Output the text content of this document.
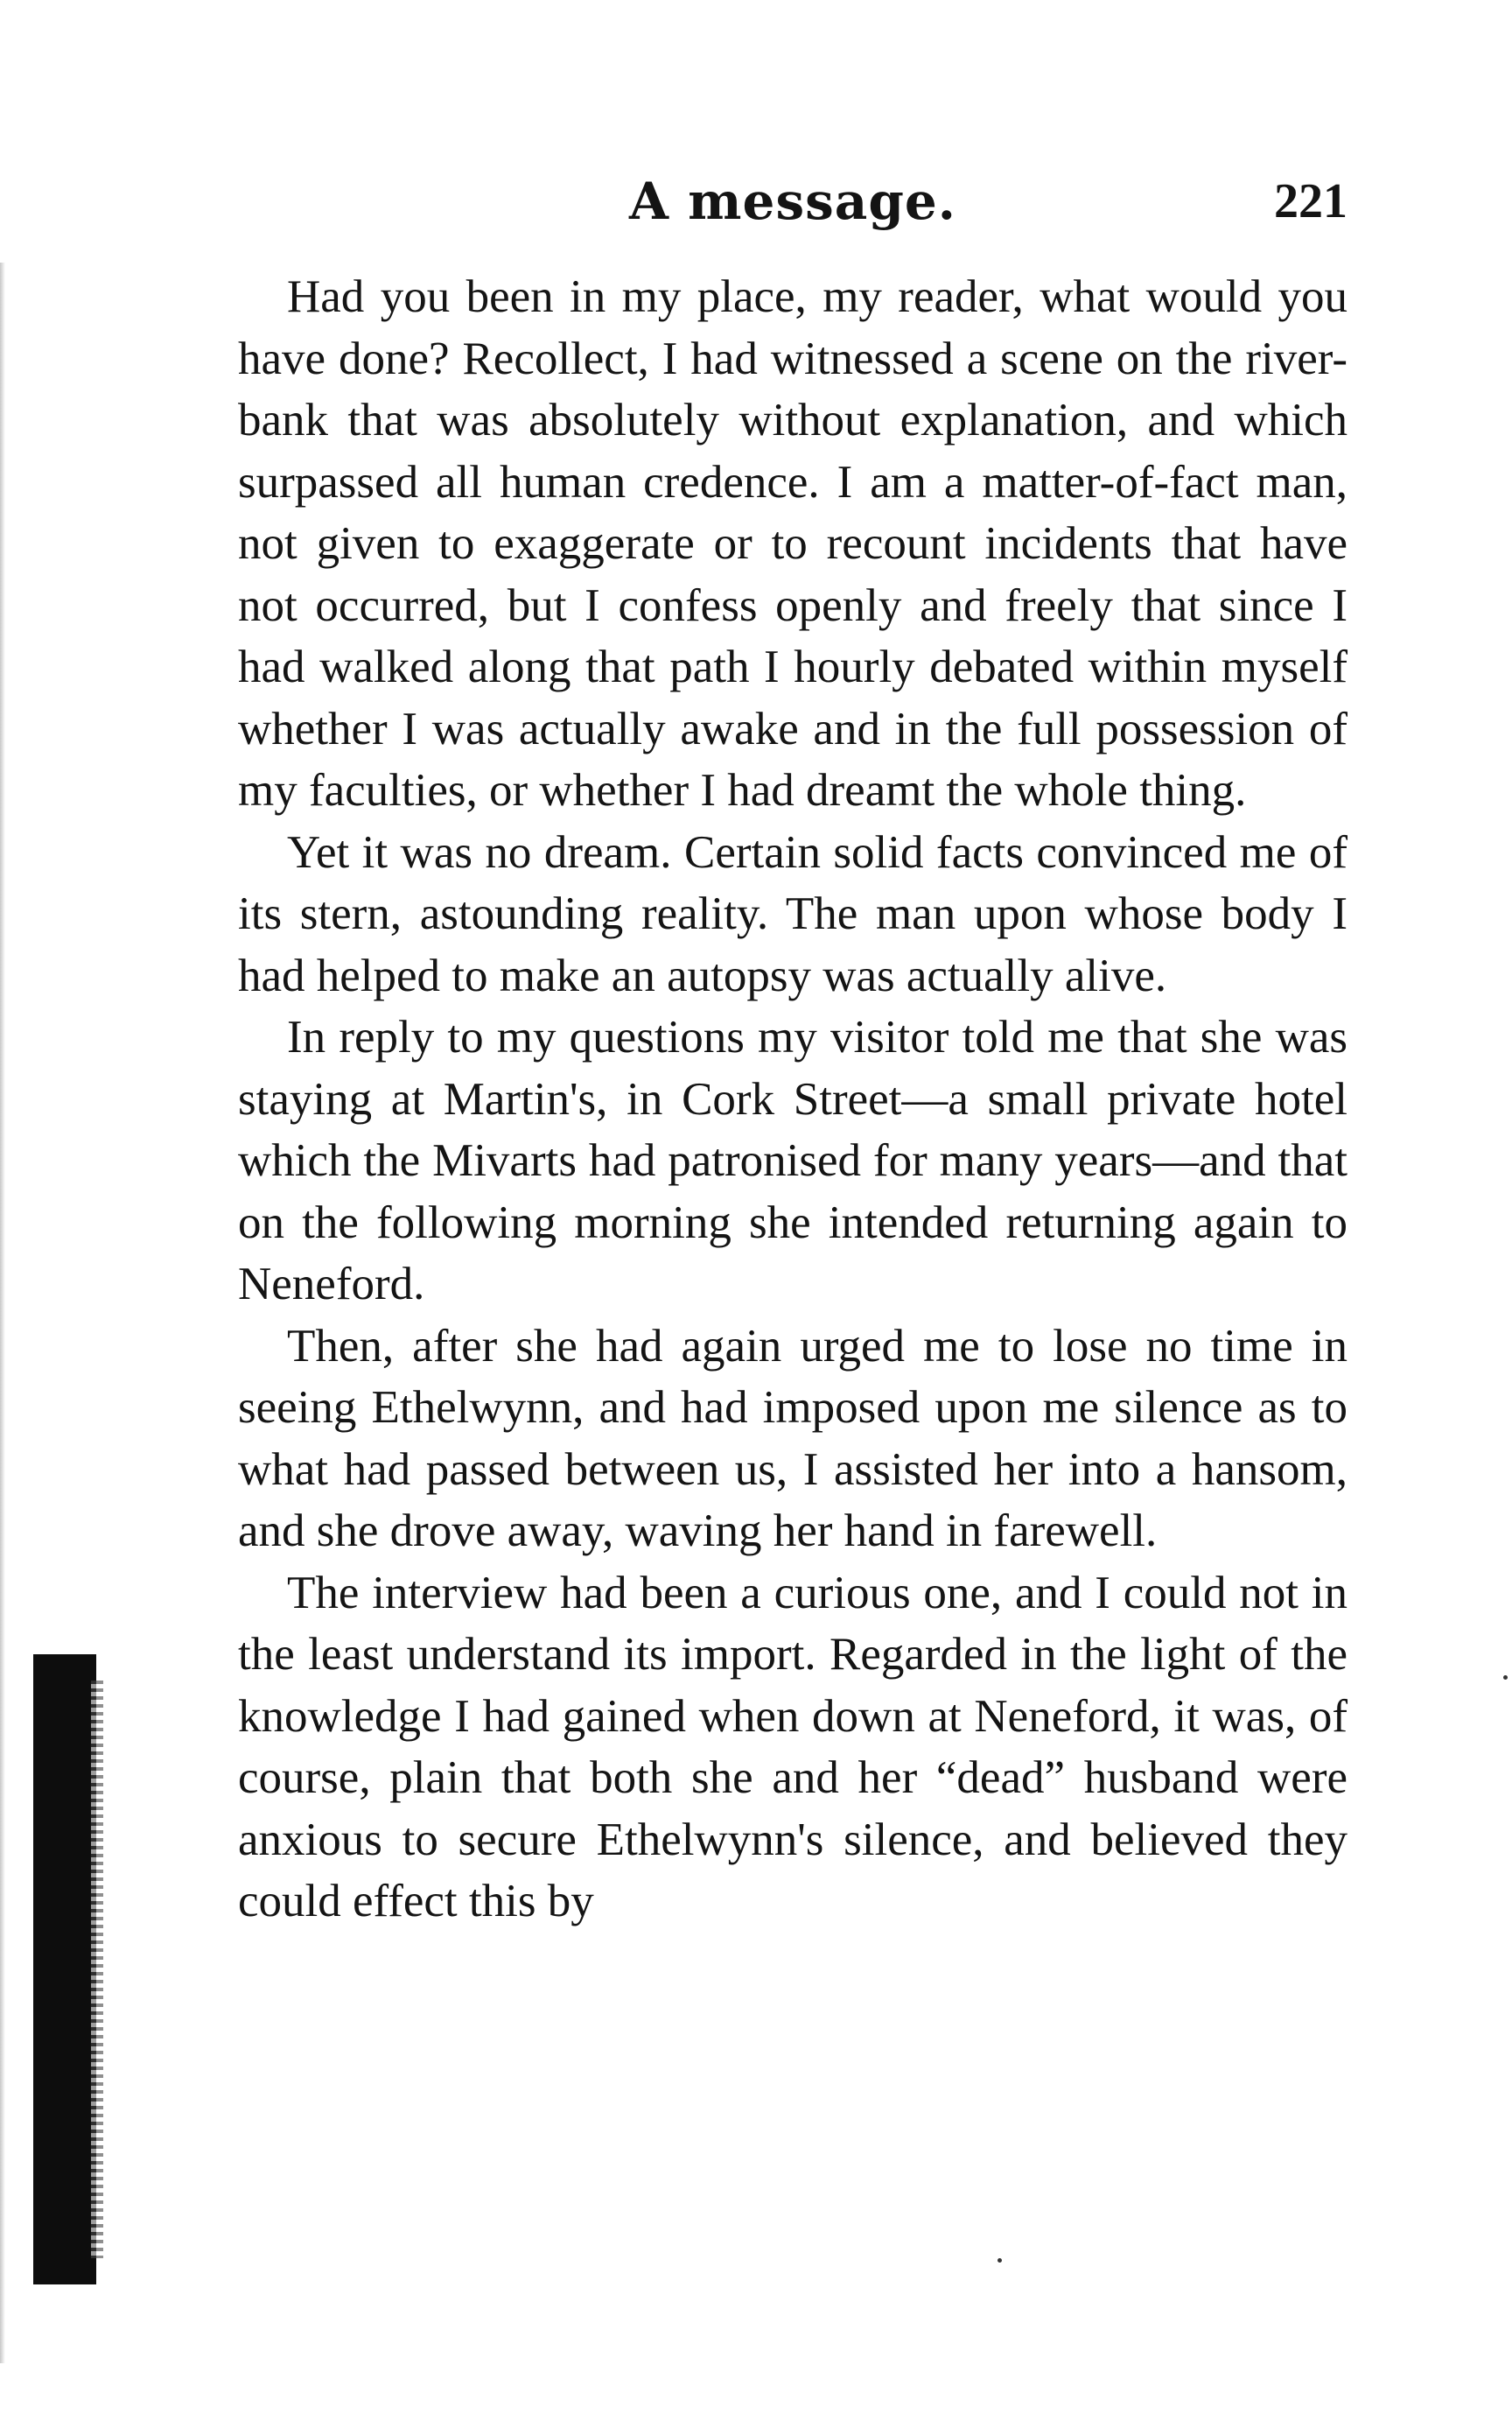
A message.	221

Had you been in my place, my reader, what would you have done? Recollect, I had witnessed a scene on the river-bank that was absolutely without explanation, and which surpassed all human credence. I am a matter-of-fact man, not given to exaggerate or to recount incidents that have not occurred, but I confess openly and freely that since I had walked along that path I hourly debated within myself whether I was actually awake and in the full possession of my faculties, or whether I had dreamt the whole thing.

Yet it was no dream. Certain solid facts convinced me of its stern, astounding reality. The man upon whose body I had helped to make an autopsy was actually alive.

In reply to my questions my visitor told me that she was staying at Martin's, in Cork Street—a small private hotel which the Mivarts had patronised for many years—and that on the following morning she intended returning again to Neneford.

Then, after she had again urged me to lose no time in seeing Ethelwynn, and had imposed upon me silence as to what had passed between us, I assisted her into a hansom, and she drove away, waving her hand in farewell.

The interview had been a curious one, and I could not in the least understand its import. Regarded in the light of the knowledge I had gained when down at Neneford, it was, of course, plain that both she and her “dead” husband were anxious to secure Ethelwynn's silence, and believed they could effect this by
